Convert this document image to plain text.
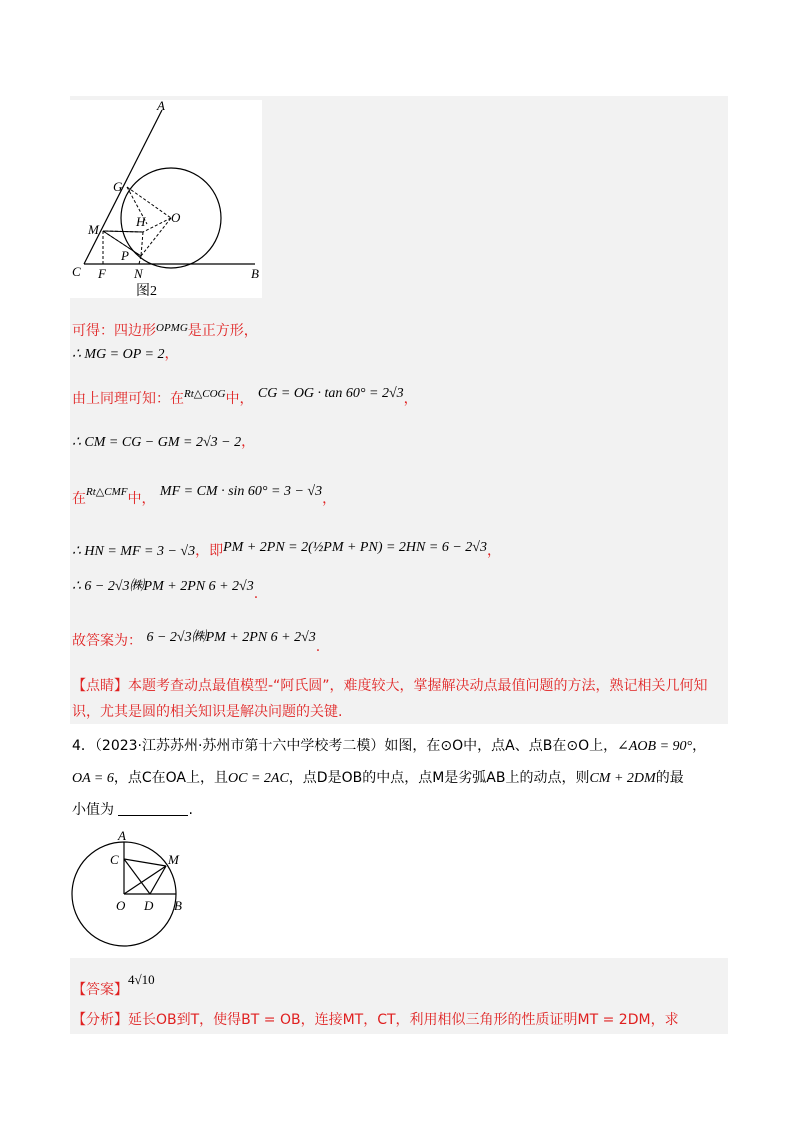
A
G
H O
M
C F
P
N	B
图2
可得：四边形$^{OPMG}$是正方形，
∴ MG = OP = 2，
由上同理可知：在$^{Rt\triangle COG}$中， CG = OG · tan 60° = 2√3，
∴ CM = CG − GM = 2√3 − 2，
在$^{Rt\triangle CMF}$中， MF = CM · sin 60° = 3 − √3，
∴ HN = MF = 3 − √3，即PM + 2PN = 2(½PM + PN) = 2HN = 6 − 2√3，
∴ 6 − 2√3㈱PM + 2PN 6 + 2√3.
故答案为： 6 − 2√3㈱PM + 2PN 6 + 2√3.
【点睛】本题考查动点最值模型-“阿氏圆”，难度较大，掌握解决动点最值问题的方法，熟记相关几何知
识，尤其是圆的相关知识是解决问题的关键.
4．（2023·江苏苏州·苏州市第十六中学校考二模）如图，在⊙O中，点A、点B在⊙O上，∠AOB = 90°，
OA = 6，点C在OA上，且OC = 2AC，点D是OB的中点，点M是劣弧AB上的动点，则CM + 2DM的最
小值为	.
A
C	M
O D B
【答案】4√10
【分析】延长OB到T，使得BT = OB，连接MT，CT，利用相似三角形的性质证明MT = 2DM，求
